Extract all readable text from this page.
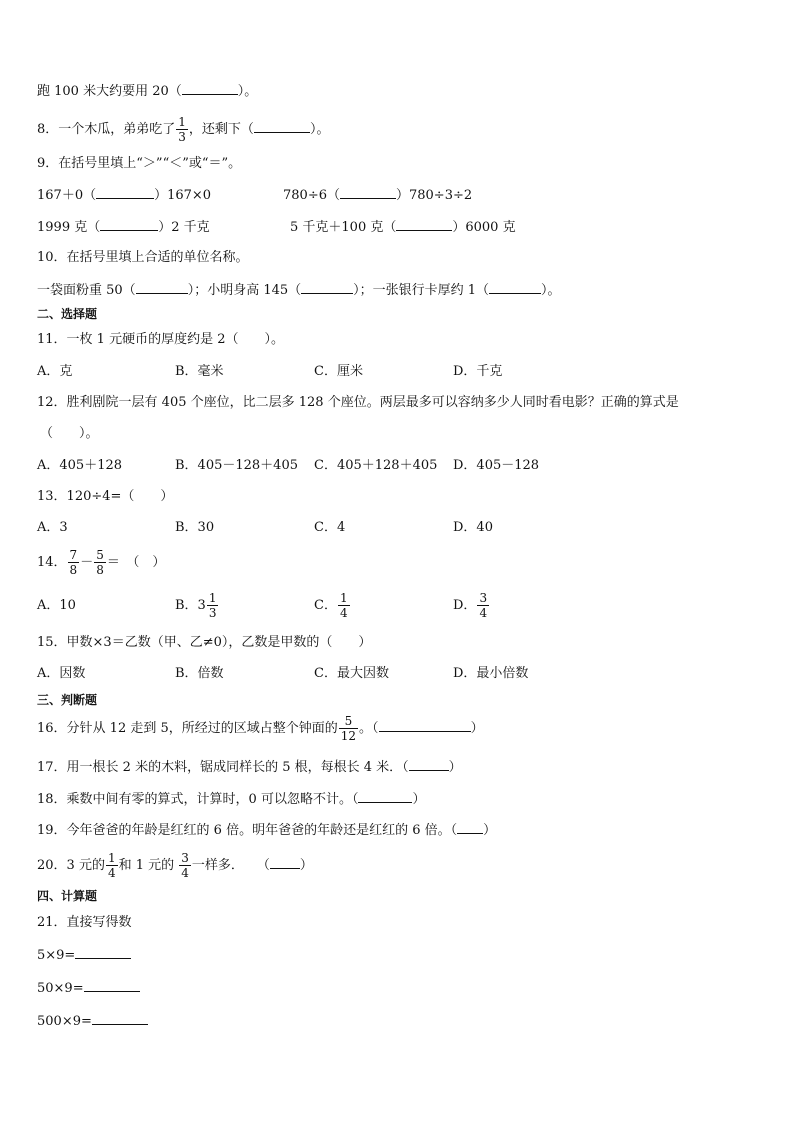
跑 100 米大约要用 20（	）。
8．一个木瓜，弟弟吃了 $\frac{1}{3}$ ，还剩下（	）。
9．在括号里填上“＞”“＜”或“＝”。
167＋0（	）167×0	780÷6（	）780÷3÷2
1999 克（	）2 千克	5 千克＋100 克（	）6000 克
10．在括号里填上合适的单位名称。
一袋面粉重 50（	）；小明身高 145（	）；一张银行卡厚约 1（	）。
二、选择题
11．一枚 1 元硬币的厚度约是 2（　　）。
A．克	B．毫米	C．厘米	D．千克
12．胜利剧院一层有 405 个座位，比二层多 128 个座位。两层最多可以容纳多少人同时看电影？正确的算式是
（　　）。
A．405＋128	B．405－128＋405 C．405＋128＋405 D．405－128
13．120÷4=（　　）
A．3	B．30	C．4	D．40
14． $\frac{7}{8} - \frac{5}{8}$ ＝　（　）
A．10	B．$3 \frac{1}{3}$	C． $\frac{1}{4}$	D． $\frac{3}{4}$
15．甲数×3＝乙数（甲、乙≠0），乙数是甲数的（　　）
A．因数	B．倍数	C．最大因数	D．最小倍数
三、判断题
16．分针从 12 走到 5，所经过的区域占整个钟面的 $\frac{5}{12}$ 。（	）
17．用一根长 2 米的木料，锯成同样长的 5 根，每根长 4 米．（	）
18．乘数中间有零的算式，计算时，0 可以忽略不计。（	）
19．今年爸爸的年龄是红红的 6 倍。明年爸爸的年龄还是红红的 6 倍。（ ）
20．3 元的 $\frac{1}{4}$ 和 1 元的 $\frac{3}{4}$ 一样多．　　（ ）
四、计算题
21．直接写得数
5×9=
50×9=
500×9=
